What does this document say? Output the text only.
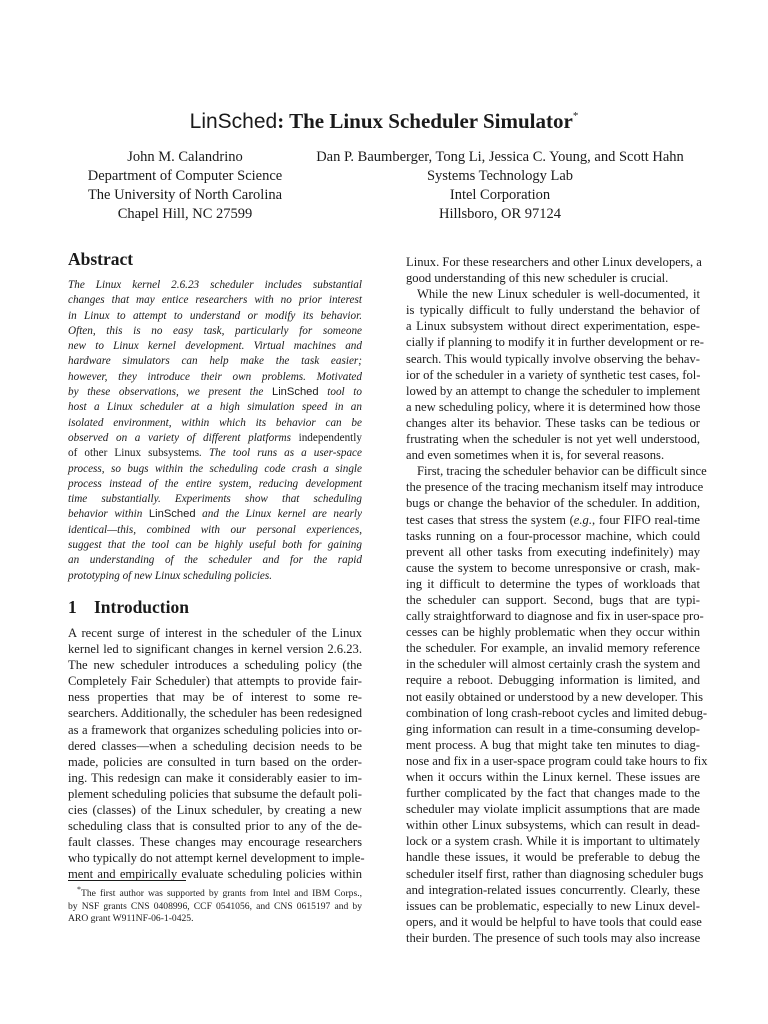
LinSched: The Linux Scheduler Simulator*
John M. Calandrino
Department of Computer Science
The University of North Carolina
Chapel Hill, NC 27599
Dan P. Baumberger, Tong Li, Jessica C. Young, and Scott Hahn
Systems Technology Lab
Intel Corporation
Hillsboro, OR 97124
Abstract
The Linux kernel 2.6.23 scheduler includes substantial
changes that may entice researchers with no prior interest
in Linux to attempt to understand or modify its behavior.
Often, this is no easy task, particularly for someone
new to Linux kernel development. Virtual machines and
hardware simulators can help make the task easier;
however, they introduce their own problems. Motivated
by these observations, we present the LinSched tool to
host a Linux scheduler at a high simulation speed in an
isolated environment, within which its behavior can be
observed on a variety of different platforms independently
of other Linux subsystems. The tool runs as a user-space
process, so bugs within the scheduling code crash a single
process instead of the entire system, reducing development
time substantially. Experiments show that scheduling
behavior within LinSched and the Linux kernel are nearly
identical—this, combined with our personal experiences,
suggest that the tool can be highly useful both for gaining
an understanding of the scheduler and for the rapid
prototyping of new Linux scheduling policies.
1 Introduction
A recent surge of interest in the scheduler of the Linux
kernel led to significant changes in kernel version 2.6.23.
The new scheduler introduces a scheduling policy (the
Completely Fair Scheduler) that attempts to provide fair-
ness properties that may be of interest to some re-
searchers. Additionally, the scheduler has been redesigned
as a framework that organizes scheduling policies into or-
dered classes—when a scheduling decision needs to be
made, policies are consulted in turn based on the order-
ing. This redesign can make it considerably easier to im-
plement scheduling policies that subsume the default poli-
cies (classes) of the Linux scheduler, by creating a new
scheduling class that is consulted prior to any of the de-
fault classes. These changes may encourage researchers
who typically do not attempt kernel development to imple-
ment and empirically evaluate scheduling policies within
*The first author was supported by grants from Intel and IBM Corps.,
by NSF grants CNS 0408996, CCF 0541056, and CNS 0615197 and by
ARO grant W911NF-06-1-0425.
Linux. For these researchers and other Linux developers, a
good understanding of this new scheduler is crucial.
While the new Linux scheduler is well-documented, it
is typically difficult to fully understand the behavior of
a Linux subsystem without direct experimentation, espe-
cially if planning to modify it in further development or re-
search. This would typically involve observing the behav-
ior of the scheduler in a variety of synthetic test cases, fol-
lowed by an attempt to change the scheduler to implement
a new scheduling policy, where it is determined how those
changes alter its behavior. These tasks can be tedious or
frustrating when the scheduler is not yet well understood,
and even sometimes when it is, for several reasons.
First, tracing the scheduler behavior can be difficult since
the presence of the tracing mechanism itself may introduce
bugs or change the behavior of the scheduler. In addition,
test cases that stress the system (e.g., four FIFO real-time
tasks running on a four-processor machine, which could
prevent all other tasks from executing indefinitely) may
cause the system to become unresponsive or crash, mak-
ing it difficult to determine the types of workloads that
the scheduler can support. Second, bugs that are typi-
cally straightforward to diagnose and fix in user-space pro-
cesses can be highly problematic when they occur within
the scheduler. For example, an invalid memory reference
in the scheduler will almost certainly crash the system and
require a reboot. Debugging information is limited, and
not easily obtained or understood by a new developer. This
combination of long crash-reboot cycles and limited debug-
ging information can result in a time-consuming develop-
ment process. A bug that might take ten minutes to diag-
nose and fix in a user-space program could take hours to fix
when it occurs within the Linux kernel. These issues are
further complicated by the fact that changes made to the
scheduler may violate implicit assumptions that are made
within other Linux subsystems, which can result in dead-
lock or a system crash. While it is important to ultimately
handle these issues, it would be preferable to debug the
scheduler itself first, rather than diagnosing scheduler bugs
and integration-related issues concurrently. Clearly, these
issues can be problematic, especially to new Linux devel-
opers, and it would be helpful to have tools that could ease
their burden. The presence of such tools may also increase
